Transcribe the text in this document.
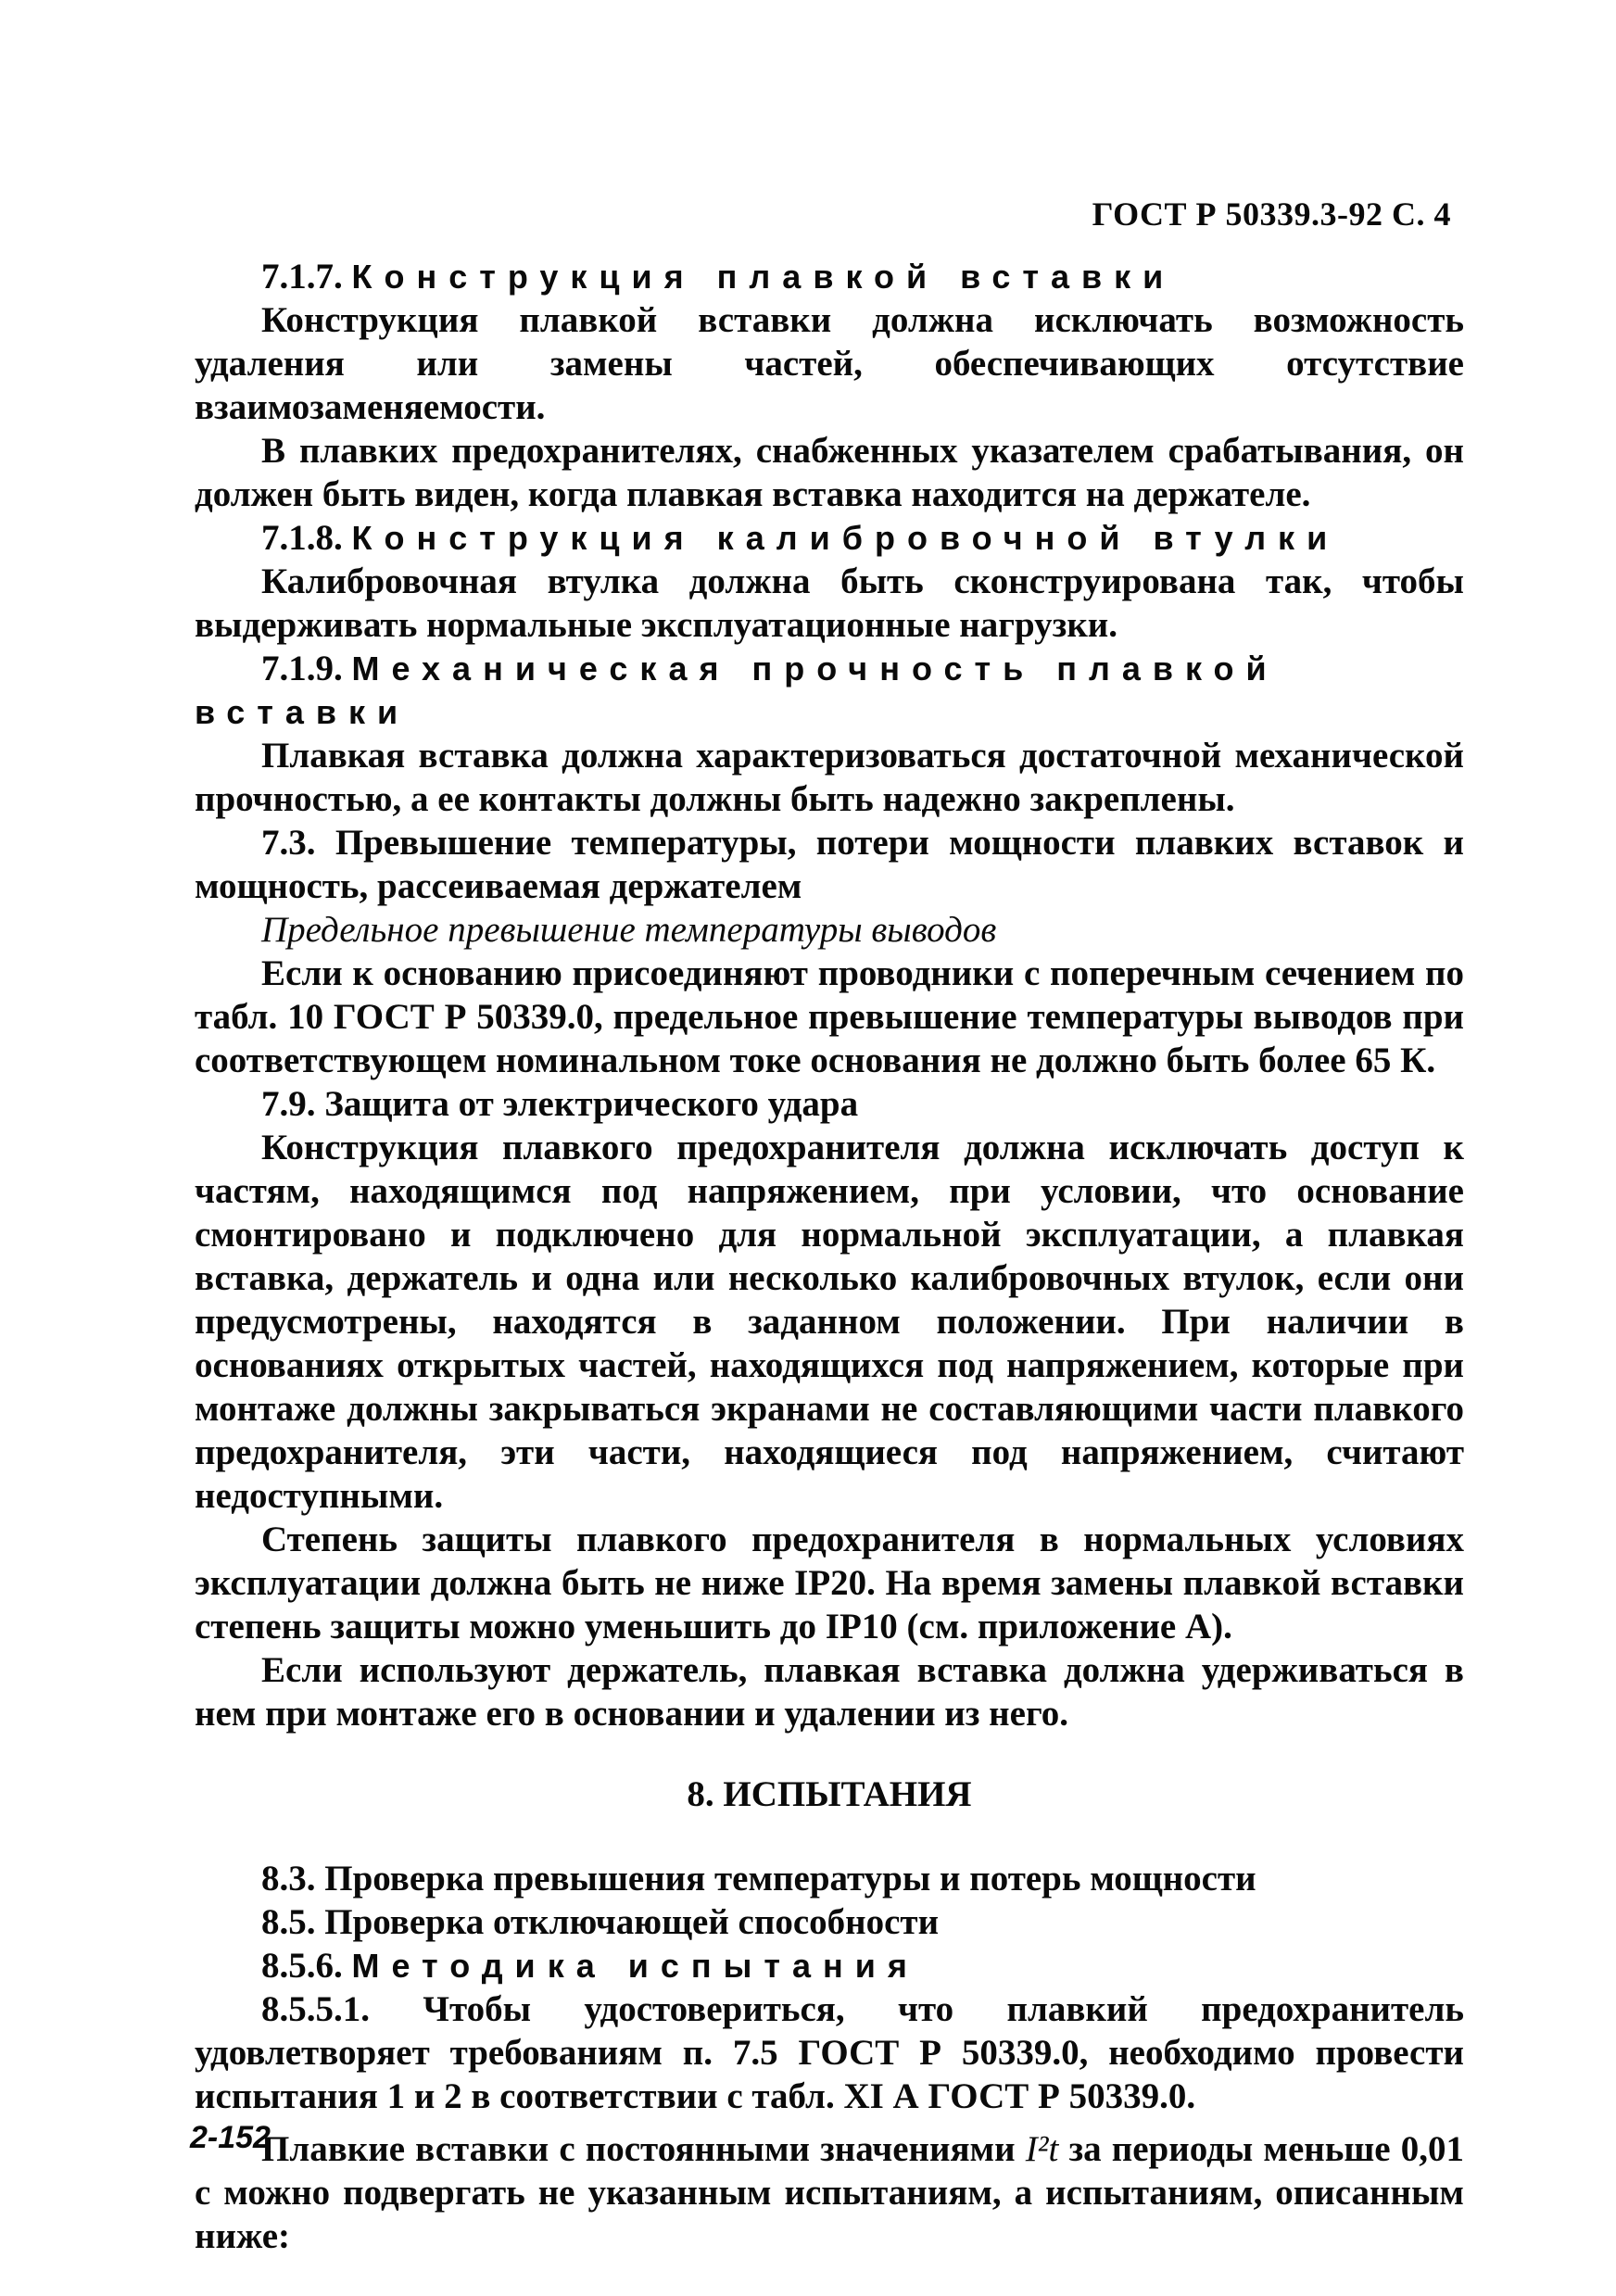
ГОСТ Р 50339.3-92 С. 4

7.1.7. Конструкция плавкой вставки

Конструкция плавкой вставки должна исключать возможность удаления или замены частей, обеспечивающих отсутствие взаимозаменяемости.

В плавких предохранителях, снабженных указателем срабатывания, он должен быть виден, когда плавкая вставка находится на держателе.

7.1.8. Конструкция калибровочной втулки

Калибровочная втулка должна быть сконструирована так, чтобы выдерживать нормальные эксплуатационные нагрузки.

7.1.9. Механическая прочность плавкой вставки

Плавкая вставка должна характеризоваться достаточной механической прочностью, а ее контакты должны быть надежно закреплены.

7.3. Превышение температуры, потери мощности плавких вставок и мощность, рассеиваемая держателем

Предельное превышение температуры выводов

Если к основанию присоединяют проводники с поперечным сечением по табл. 10 ГОСТ Р 50339.0, предельное превышение температуры выводов при соответствующем номинальном токе основания не должно быть более 65 К.

7.9. Защита от электрического удара

Конструкция плавкого предохранителя должна исключать доступ к частям, находящимся под напряжением, при условии, что основание смонтировано и подключено для нормальной эксплуатации, а плавкая вставка, держатель и одна или несколько калибровочных втулок, если они предусмотрены, находятся в заданном положении. При наличии в основаниях открытых частей, находящихся под напряжением, которые при монтаже должны закрываться экранами не составляющими части плавкого предохранителя, эти части, находящиеся под напряжением, считают недоступными.

Степень защиты плавкого предохранителя в нормальных условиях эксплуатации должна быть не ниже IP20. На время замены плавкой вставки степень защиты можно уменьшить до IP10 (см. приложение А).

Если используют держатель, плавкая вставка должна удерживаться в нем при монтаже его в основании и удалении из него.

8. ИСПЫТАНИЯ

8.3. Проверка превышения температуры и потерь мощности

8.5. Проверка отключающей способности

8.5.6. Методика испытания

8.5.5.1. Чтобы удостовериться, что плавкий предохранитель удовлетворяет требованиям п. 7.5 ГОСТ Р 50339.0, необходимо провести испытания 1 и 2 в соответствии с табл. XI А ГОСТ Р 50339.0.

Плавкие вставки с постоянными значениями I²t за периоды меньше 0,01 с можно подвергать не указанным испытаниям, а испытаниям, описанным ниже:

2-152
